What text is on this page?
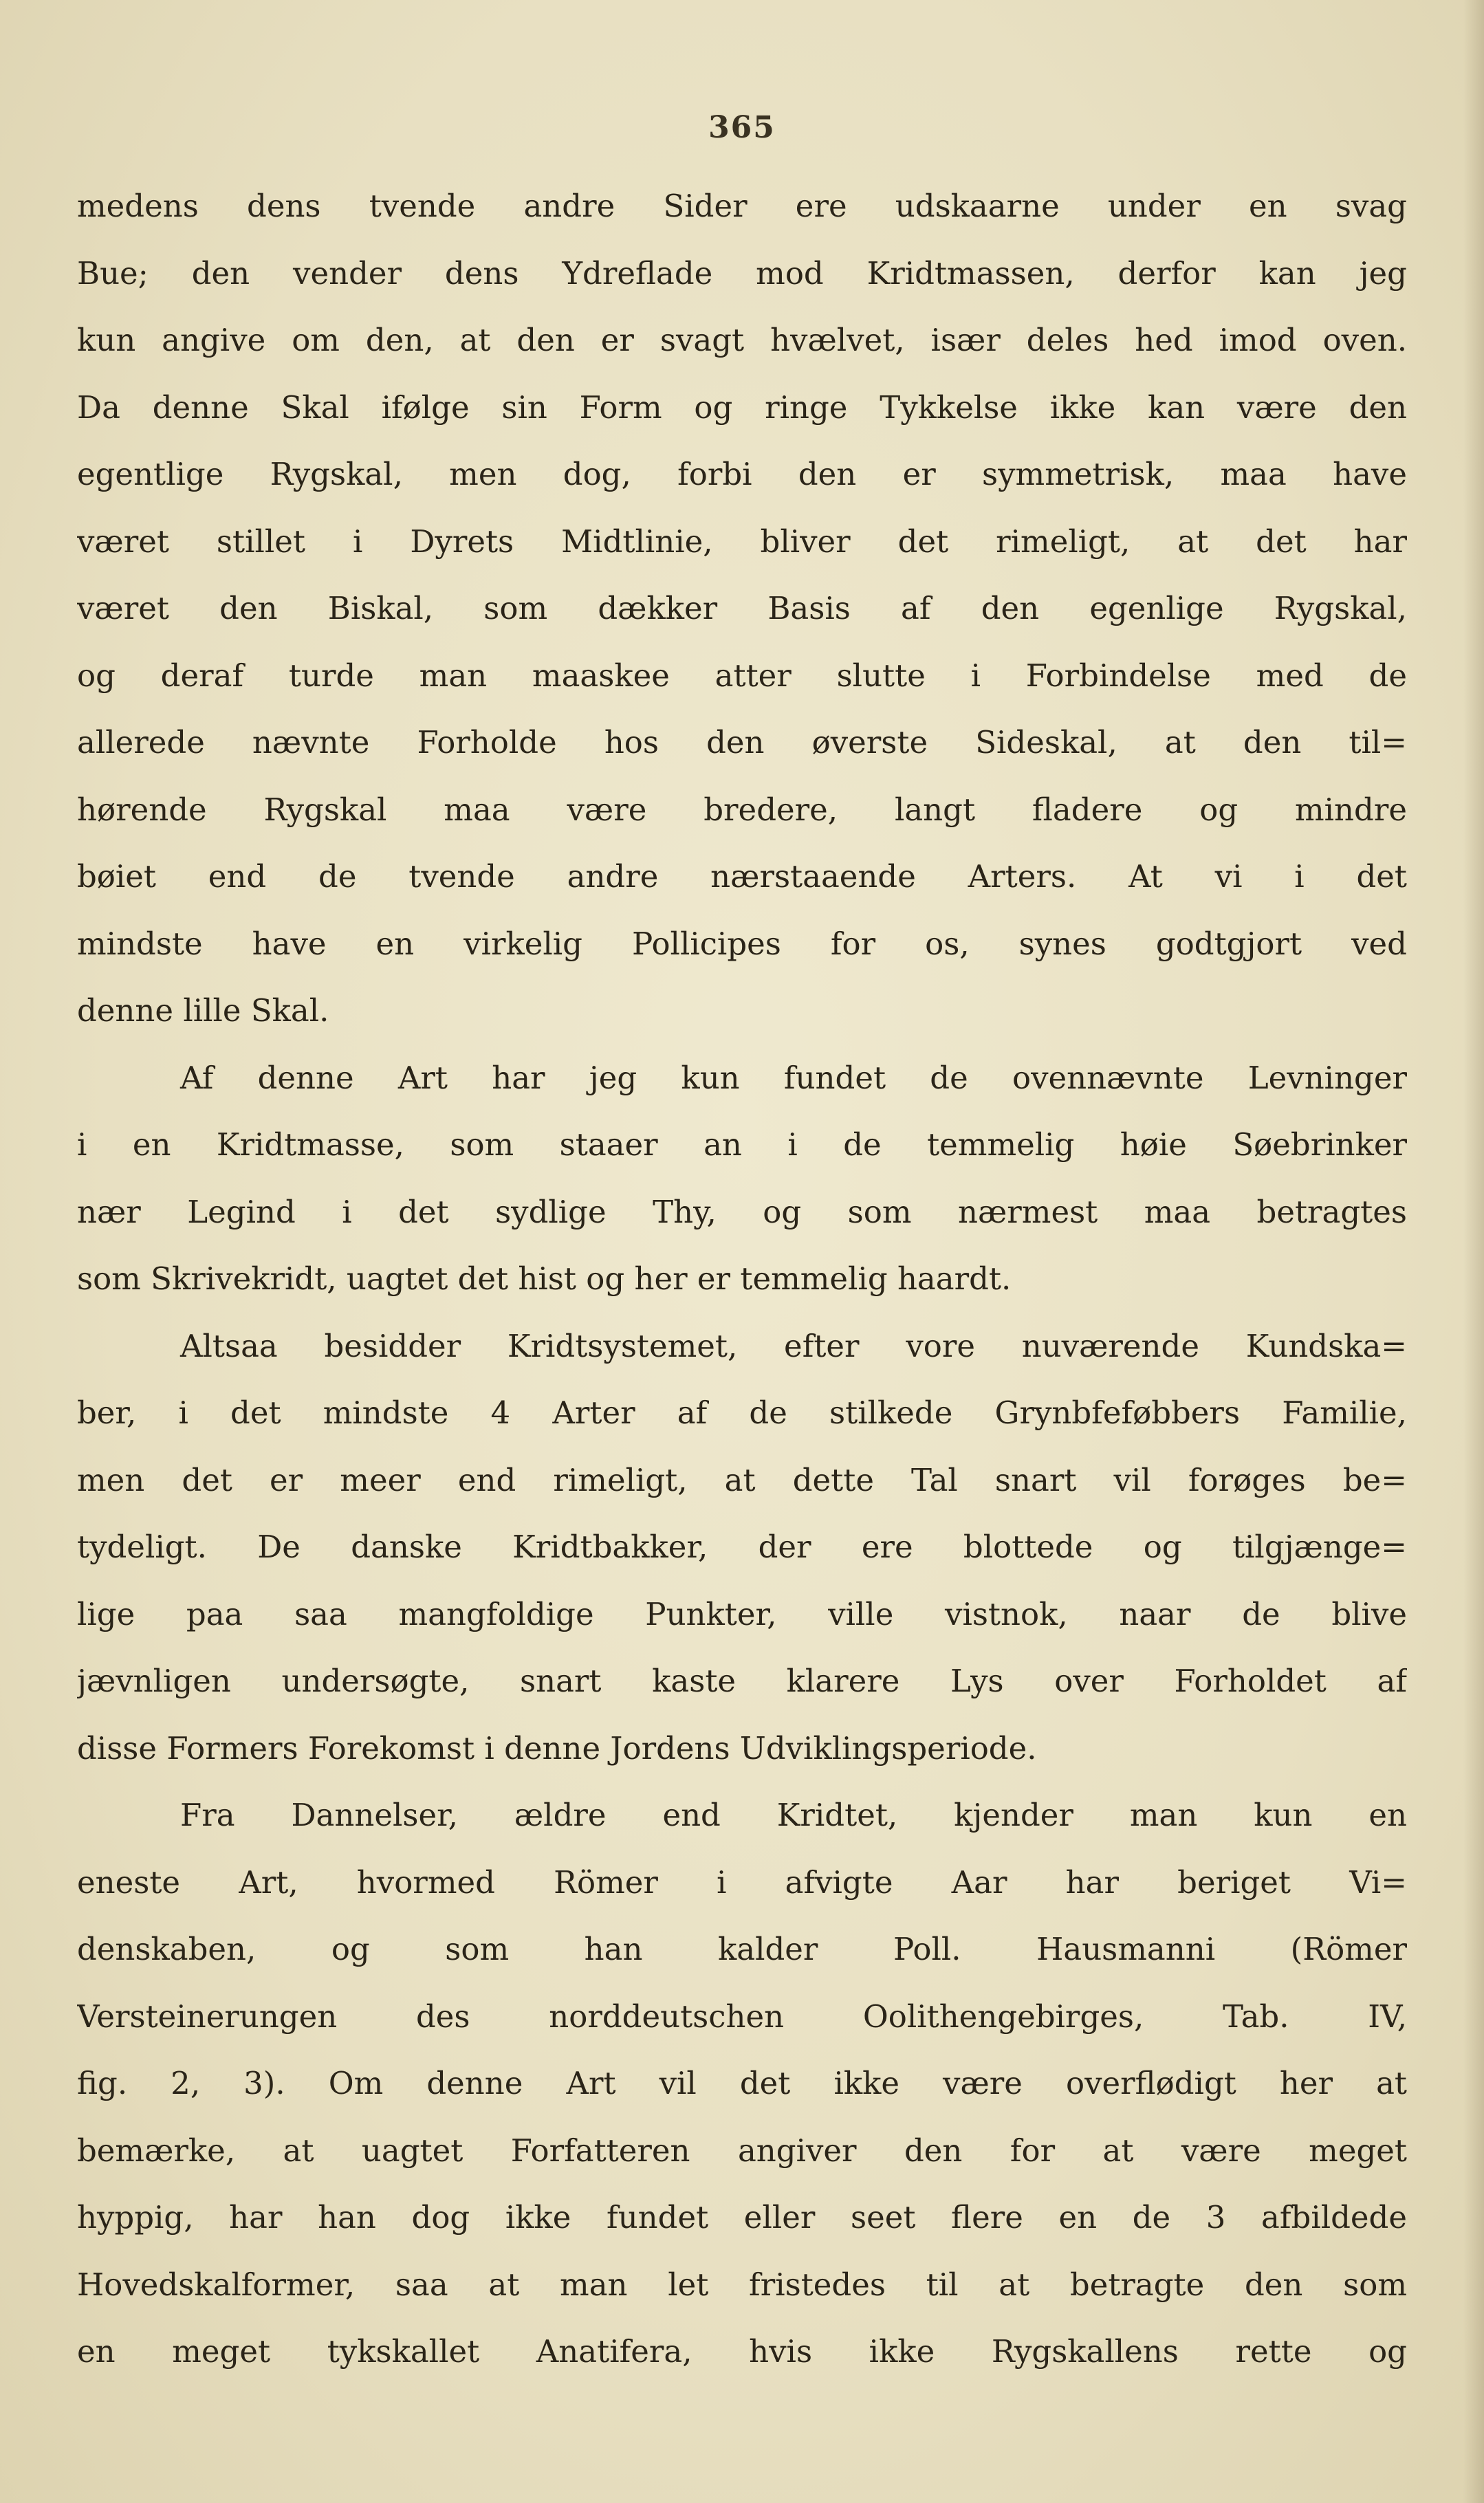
365
medens dens tvende andre Sider ere udskaarne under en svag
Bue; den vender dens Ydreflade mod Kridtmassen, derfor kan jeg
kun angive om den, at den er svagt hvælvet, især deles hed imod oven.
Da denne Skal ifølge sin Form og ringe Tykkelse ikke kan være den
egentlige Rygskal, men dog, forbi den er symmetrisk, maa have
været stillet i Dyrets Midtlinie, bliver det rimeligt, at det har
været den Biskal, som dækker Basis af den egenlige Rygskal,
og deraf turde man maaskee atter slutte i Forbindelse med de
allerede nævnte Forholde hos den øverste Sideskal, at den til=
hørende Rygskal maa være bredere, langt fladere og mindre
bøiet end de tvende andre nærstaaende Arters. At vi i det
mindste have en virkelig Pollicipes for os, synes godtgjort ved
denne lille Skal.
Af denne Art har jeg kun fundet de ovennævnte Levninger
i en Kridtmasse, som staaer an i de temmelig høie Søebrinker
nær Legind i det sydlige Thy, og som nærmest maa betragtes
som Skrivekridt, uagtet det hist og her er temmelig haardt.
Altsaa besidder Kridtsystemet, efter vore nuværende Kundska=
ber, i det mindste 4 Arter af de stilkede Grynbfeføbbers Familie,
men det er meer end rimeligt, at dette Tal snart vil forøges be=
tydeligt. De danske Kridtbakker, der ere blottede og tilgjænge=
lige paa saa mangfoldige Punkter, ville vistnok, naar de blive
jævnligen undersøgte, snart kaste klarere Lys over Forholdet af
disse Formers Forekomst i denne Jordens Udviklingsperiode.
Fra Dannelser, ældre end Kridtet, kjender man kun en
eneste Art, hvormed Römer i afvigte Aar har beriget Vi=
denskaben, og som han kalder Poll. Hausmanni (Römer
Versteinerungen des norddeutschen Oolithengebirges, Tab. IV,
fig. 2, 3). Om denne Art vil det ikke være overflødigt her at
bemærke, at uagtet Forfatteren angiver den for at være meget
hyppig, har han dog ikke fundet eller seet flere en de 3 afbildede
Hovedskalformer, saa at man let fristedes til at betragte den som
en meget tykskallet Anatifera, hvis ikke Rygskallens rette og
